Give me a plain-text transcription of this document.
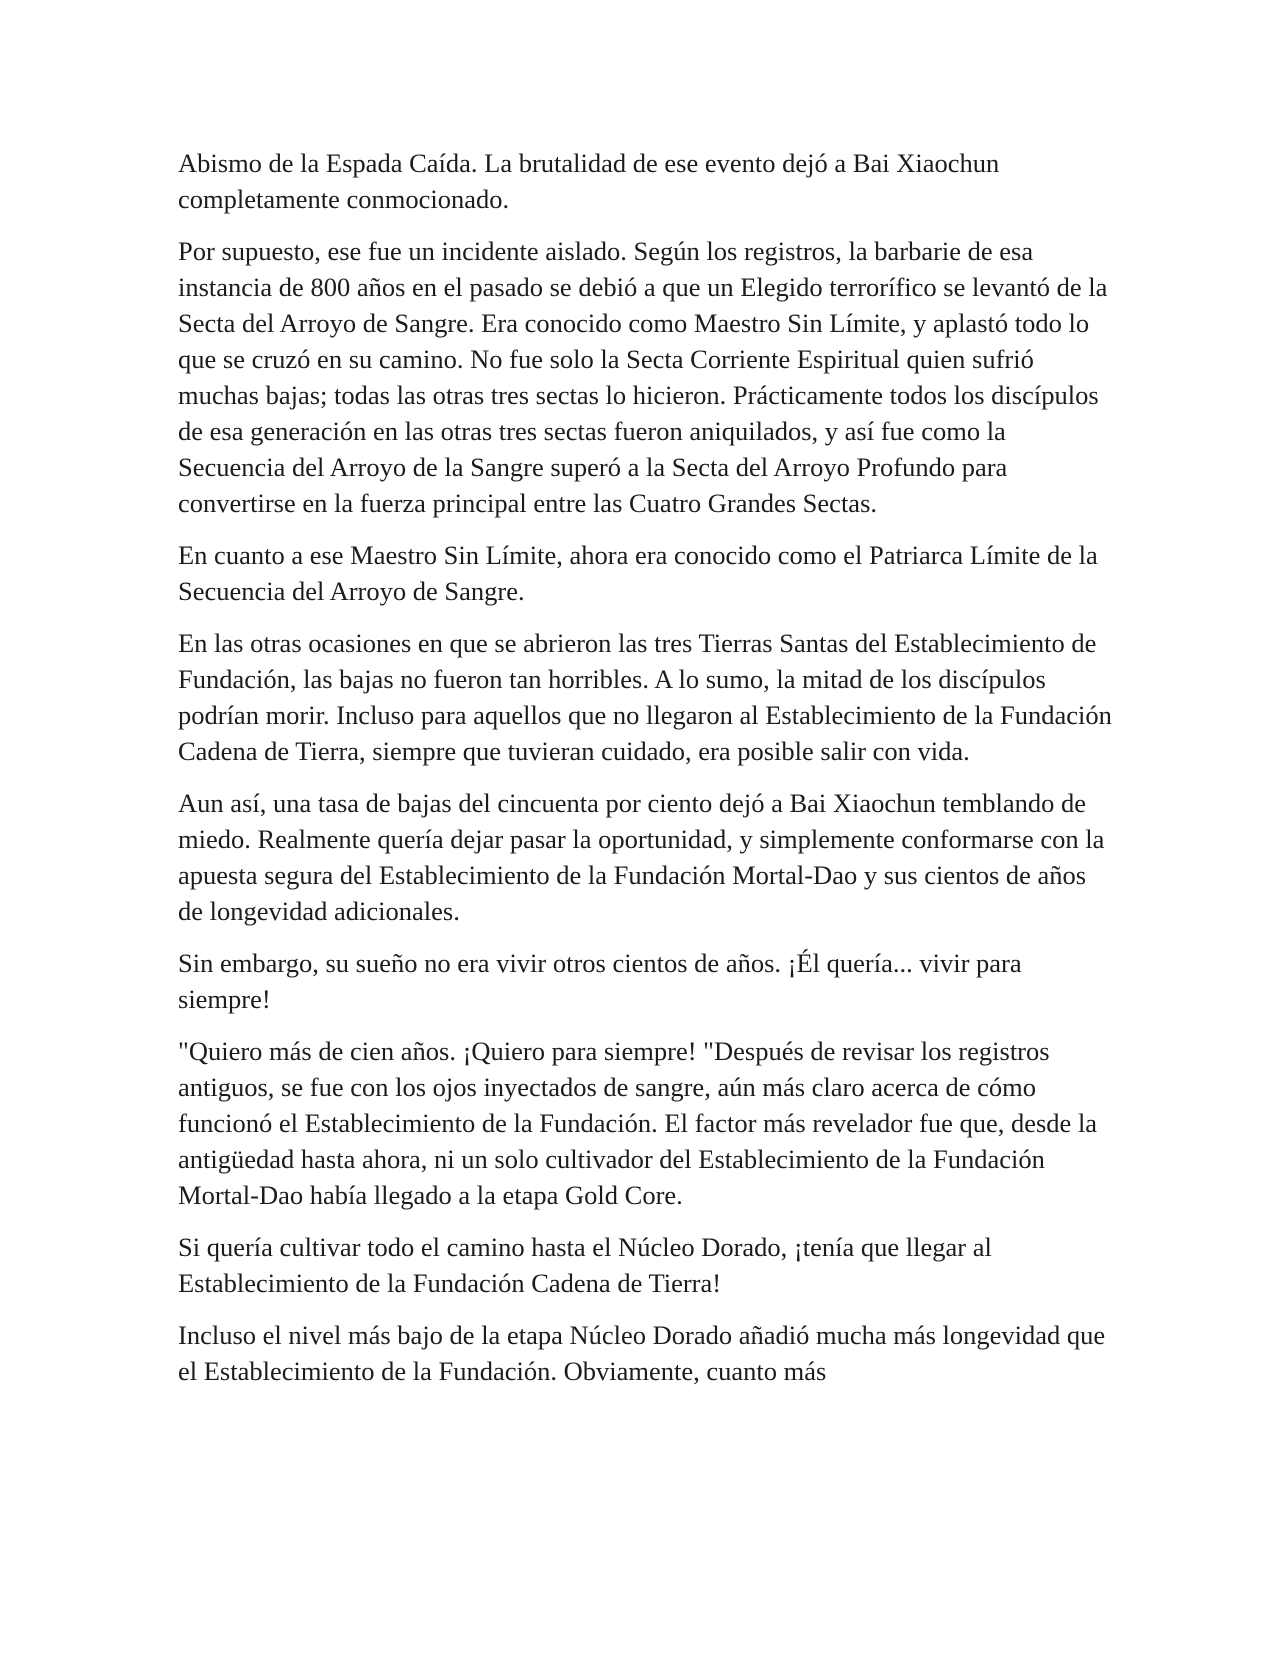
Abismo de la Espada Caída. La brutalidad de ese evento dejó a Bai Xiaochun completamente conmocionado.

Por supuesto, ese fue un incidente aislado. Según los registros, la barbarie de esa instancia de 800 años en el pasado se debió a que un Elegido terrorífico se levantó de la Secta del Arroyo de Sangre. Era conocido como Maestro Sin Límite, y aplastó todo lo que se cruzó en su camino. No fue solo la Secta Corriente Espiritual quien sufrió muchas bajas; todas las otras tres sectas lo hicieron. Prácticamente todos los discípulos de esa generación en las otras tres sectas fueron aniquilados, y así fue como la Secuencia del Arroyo de la Sangre superó a la Secta del Arroyo Profundo para convertirse en la fuerza principal entre las Cuatro Grandes Sectas.

En cuanto a ese Maestro Sin Límite, ahora era conocido como el Patriarca Límite de la Secuencia del Arroyo de Sangre.

En las otras ocasiones en que se abrieron las tres Tierras Santas del Establecimiento de Fundación, las bajas no fueron tan horribles. A lo sumo, la mitad de los discípulos podrían morir. Incluso para aquellos que no llegaron al Establecimiento de la Fundación Cadena de Tierra, siempre que tuvieran cuidado, era posible salir con vida.

Aun así, una tasa de bajas del cincuenta por ciento dejó a Bai Xiaochun temblando de miedo. Realmente quería dejar pasar la oportunidad, y simplemente conformarse con la apuesta segura del Establecimiento de la Fundación Mortal-Dao y sus cientos de años de longevidad adicionales.

Sin embargo, su sueño no era vivir otros cientos de años. ¡Él quería... vivir para siempre!

"Quiero más de cien años. ¡Quiero para siempre! "Después de revisar los registros antiguos, se fue con los ojos inyectados de sangre, aún más claro acerca de cómo funcionó el Establecimiento de la Fundación. El factor más revelador fue que, desde la antigüedad hasta ahora, ni un solo cultivador del Establecimiento de la Fundación Mortal-Dao había llegado a la etapa Gold Core.

Si quería cultivar todo el camino hasta el Núcleo Dorado, ¡tenía que llegar al Establecimiento de la Fundación Cadena de Tierra!

Incluso el nivel más bajo de la etapa Núcleo Dorado añadió mucha más longevidad que el Establecimiento de la Fundación. Obviamente, cuanto más
